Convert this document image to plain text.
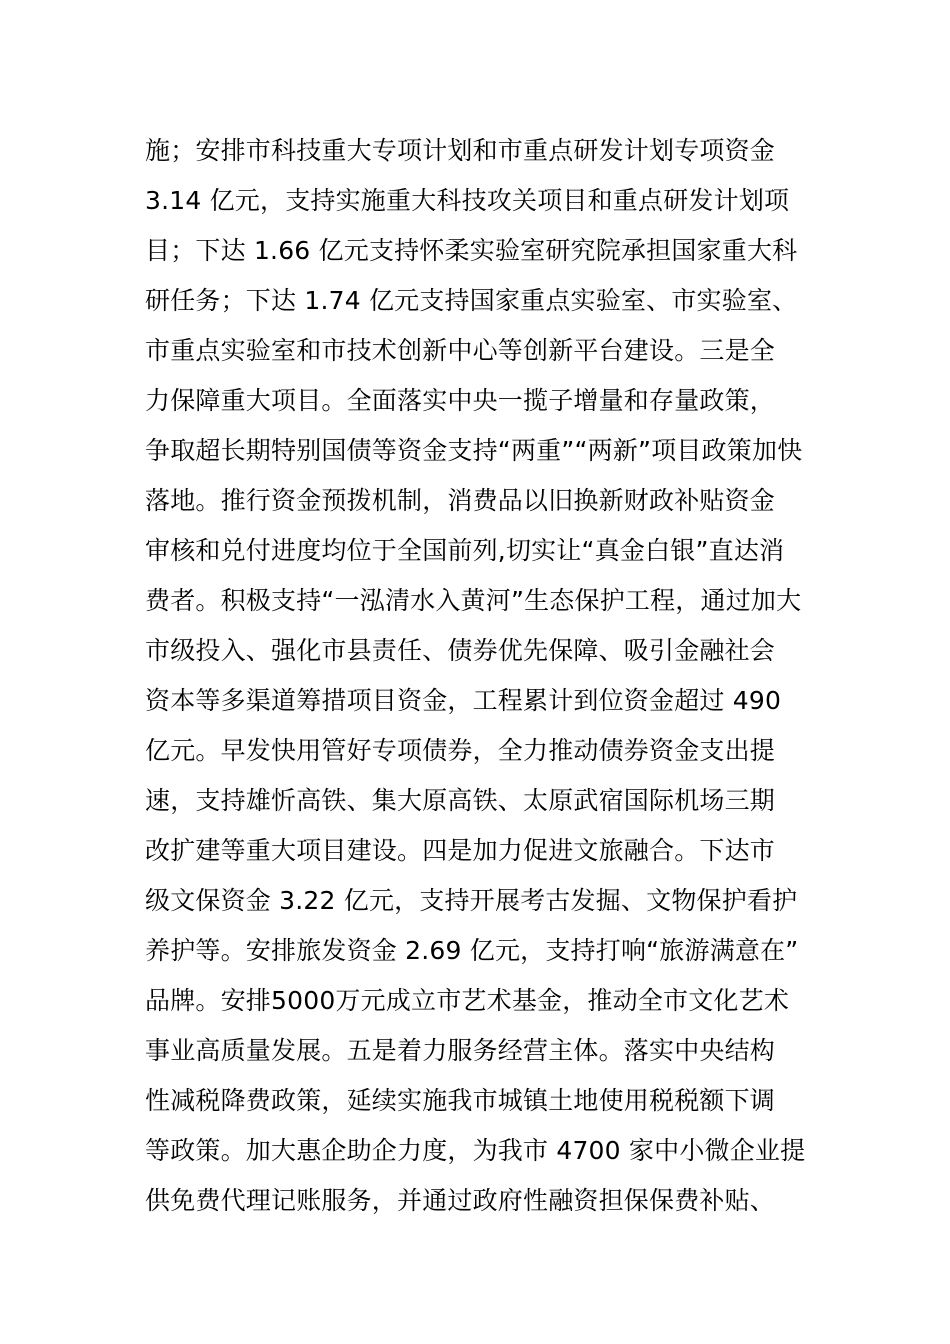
施；安排市科技重大专项计划和市重点研发计划专项资金
3.14 亿元，支持实施重大科技攻关项目和重点研发计划项
目；下达 1.66 亿元支持怀柔实验室研究院承担国家重大科
研任务；下达 1.74 亿元支持国家重点实验室、市实验室、
市重点实验室和市技术创新中心等创新平台建设。三是全
力保障重大项目。全面落实中央一揽子增量和存量政策，
争取超长期特别国债等资金支持“两重”“两新”项目政策加快
落地。推行资金预拨机制，消费品以旧换新财政补贴资金
审核和兑付进度均位于全国前列,切实让“真金白银”直达消
费者。积极支持“一泓清水入黄河”生态保护工程，通过加大
市级投入、强化市县责任、债券优先保障、吸引金融社会
资本等多渠道筹措项目资金，工程累计到位资金超过 490
亿元。早发快用管好专项债券，全力推动债券资金支出提
速，支持雄忻高铁、集大原高铁、太原武宿国际机场三期
改扩建等重大项目建设。四是加力促进文旅融合。下达市
级文保资金 3.22 亿元，支持开展考古发掘、文物保护看护
养护等。安排旅发资金 2.69 亿元，支持打响“旅游满意在”
品牌。安排5000万元成立市艺术基金，推动全市文化艺术
事业高质量发展。五是着力服务经营主体。落实中央结构
性减税降费政策，延续实施我市城镇土地使用税税额下调
等政策。加大惠企助企力度，为我市 4700 家中小微企业提
供免费代理记账服务，并通过政府性融资担保保费补贴、
